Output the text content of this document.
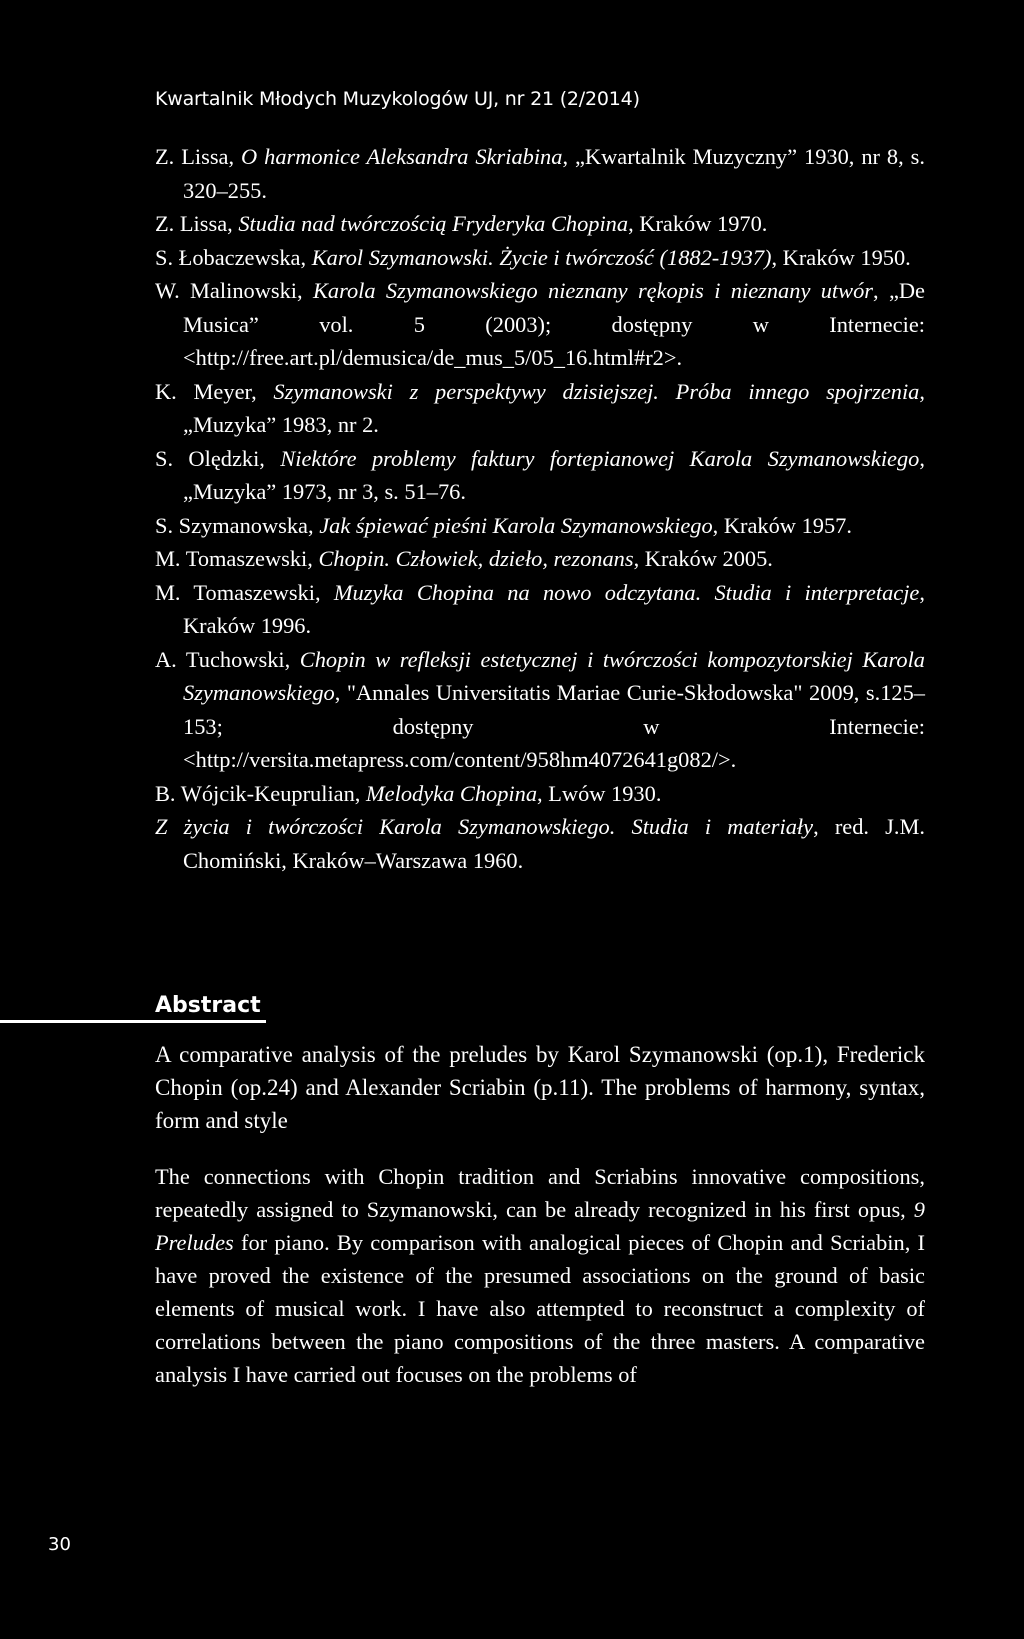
Kwartalnik Młodych Muzykologów UJ, nr 21 (2/2014)
Z. Lissa, O harmonice Aleksandra Skriabina, „Kwartalnik Muzyczny” 1930, nr 8, s. 320–255.
Z. Lissa, Studia nad twórczością Fryderyka Chopina, Kraków 1970.
S. Łobaczewska, Karol Szymanowski. Życie i twórczość (1882-1937), Kraków 1950.
W. Malinowski, Karola Szymanowskiego nieznany rękopis i nieznany utwór, „De Musica” vol. 5 (2003); dostępny w Internecie: <http://free.art.pl/demusica/de_mus_5/05_16.html#r2>.
K. Meyer, Szymanowski z perspektywy dzisiejszej. Próba innego spojrzenia, „Muzyka” 1983, nr 2.
S. Olędzki, Niektóre problemy faktury fortepianowej Karola Szymanowskiego, „Muzyka” 1973, nr 3, s. 51–76.
S. Szymanowska, Jak śpiewać pieśni Karola Szymanowskiego, Kraków 1957.
M. Tomaszewski, Chopin. Człowiek, dzieło, rezonans, Kraków 2005.
M. Tomaszewski, Muzyka Chopina na nowo odczytana. Studia i interpretacje, Kraków 1996.
A. Tuchowski, Chopin w refleksji estetycznej i twórczości kompozytorskiej Karola Szymanowskiego, "Annales Universitatis Mariae Curie-Skłodowska" 2009, s.125–153; dostępny w Internecie: <http://versita.metapress.com/content/958hm4072641g082/>.
B. Wójcik-Keuprulian, Melodyka Chopina, Lwów 1930.
Z życia i twórczości Karola Szymanowskiego. Studia i materiały, red. J.M. Chomiński, Kraków–Warszawa 1960.
Abstract

A comparative analysis of the preludes by Karol Szymanowski (op.1), Frederick Chopin (op.24) and Alexander Scriabin (p.11). The problems of harmony, syntax, form and style

The connections with Chopin tradition and Scriabins innovative compositions, repeatedly assigned to Szymanowski, can be already recognized in his first opus, 9 Preludes for piano. By comparison with analogical pieces of Chopin and Scriabin, I have proved the existence of the presumed associations on the ground of basic elements of musical work. I have also attempted to reconstruct a complexity of correlations between the piano compositions of the three masters. A comparative analysis I have carried out focuses on the problems of

30
